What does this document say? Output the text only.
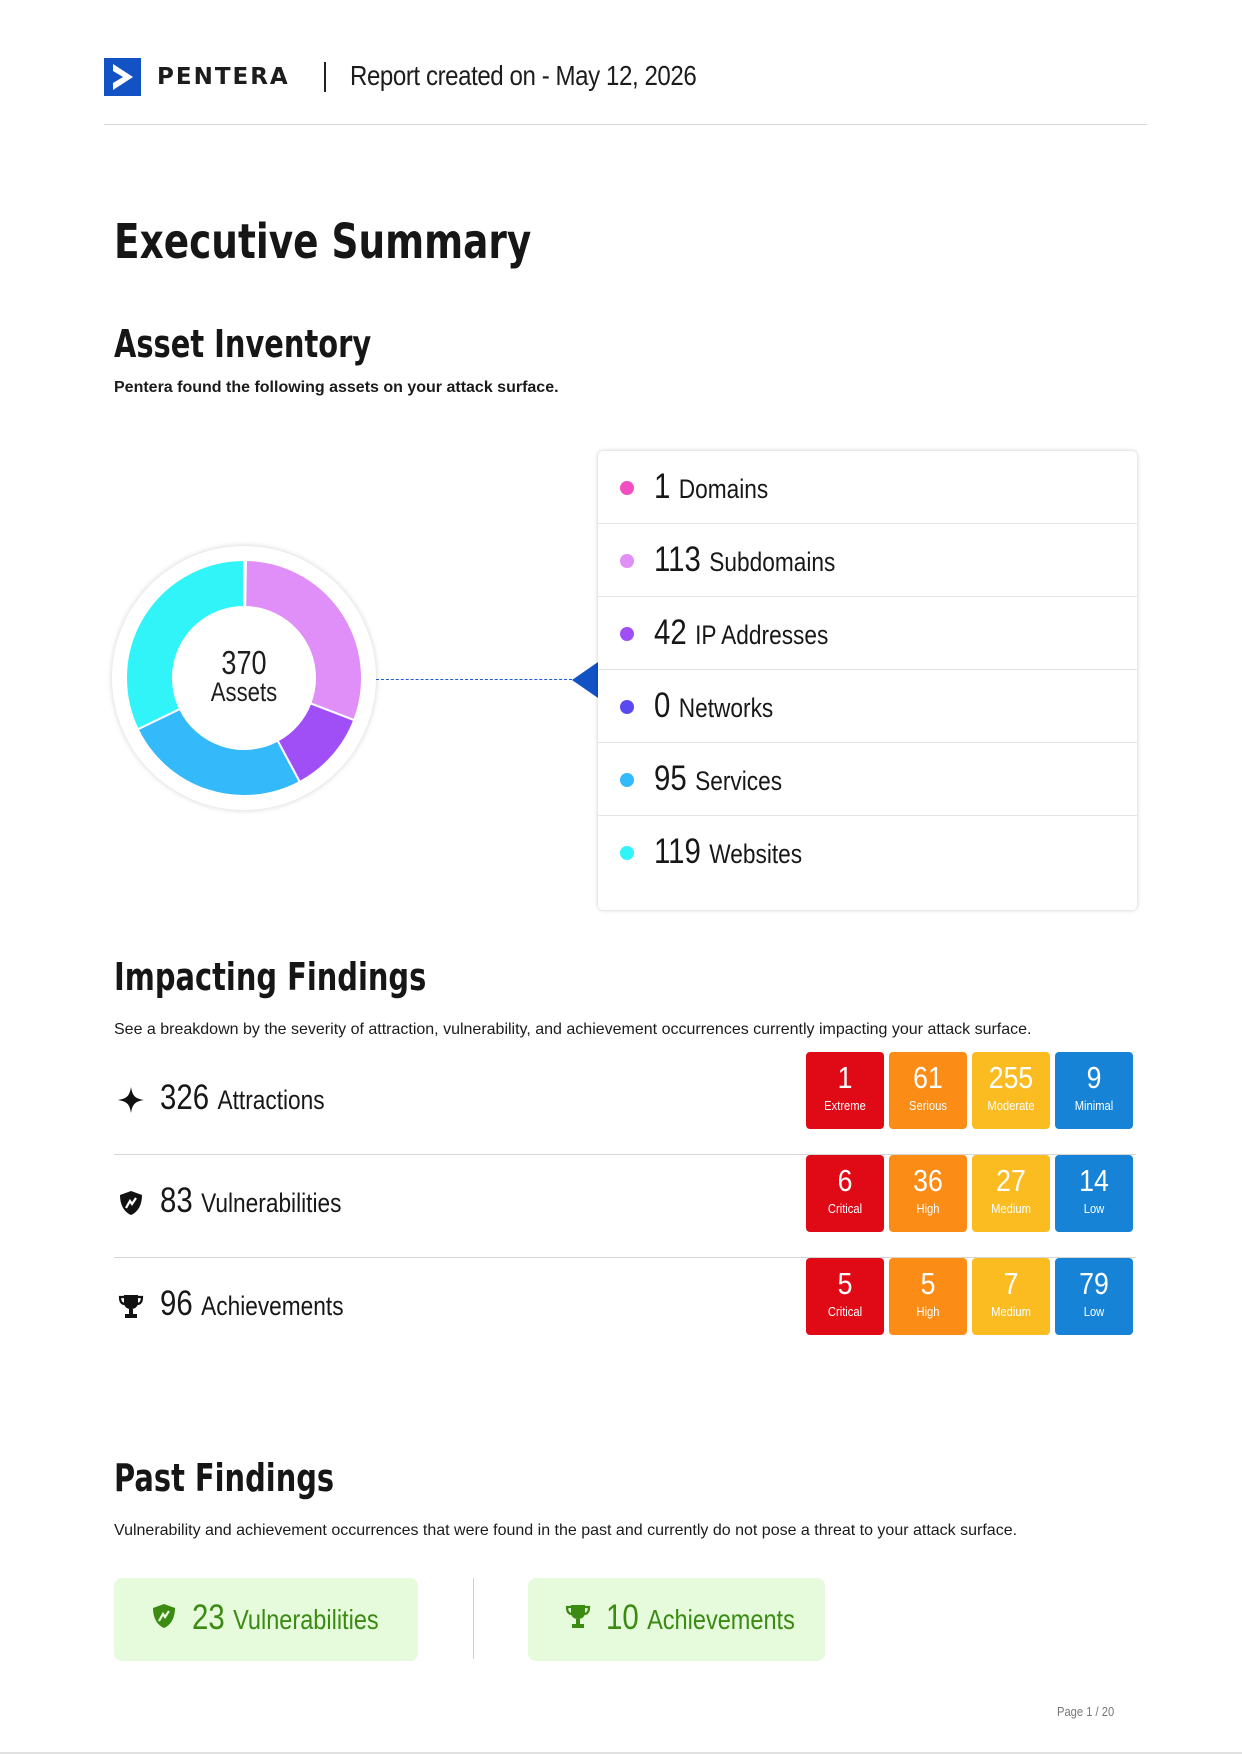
PENTERA Report created on - May 12, 2026
Executive Summary
Asset Inventory
Pentera found the following assets on your attack surface.
370
Assets
1 Domains
113 Subdomains
42 IP Addresses
0 Networks
95 Services
119 Websites
Impacting Findings
See a breakdown by the severity of attraction, vulnerability, and achievement occurrences currently impacting your attack surface.
326 Attractions
1
Extreme
61
Serious
255
Moderate
9
Minimal
83 Vulnerabilities
6
Critical
36
High
27
Medium
14
Low
96 Achievements
5
Critical
5
High
7
Medium
79
Low
Past Findings
Vulnerability and achievement occurrences that were found in the past and currently do not pose a threat to your attack surface.
23 Vulnerabilities	10 Achievements
Page 1 / 20
